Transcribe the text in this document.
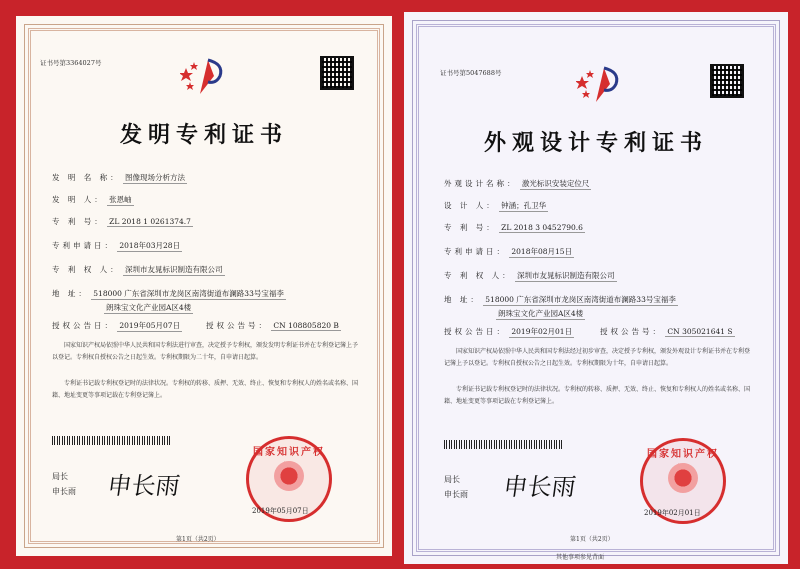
证书号第3364027号
发明专利证书
发 明 名 称： 图像现场分析方法
发 明 人： 张恩岫
专 利 号： ZL 2018 1 0261374.7
专利申请日： 2018年03月28日
专 利 权 人： 深圳市友晁标识制造有限公司
地 址： 518000 广东省深圳市龙岗区南湾街道布澜路33号宝福李
朗珠宝文化产业园A区4楼
授权公告日： 2019年05月07日	授权公告号： CN 108805820 B
国家知识产权局依照中华人民共和国专利法进行审查，决定授予专利权，颁发发明专利证书并在专利登记簿上予以登记。专利权自授权公告之日起生效。专利权期限为二十年，自申请日起算。
专利证书记载专利权登记时的法律状况。专利权的转移、质押、无效、终止、恢复和专利权人的姓名或名称、国籍、地址变更等事项记载在专利登记簿上。
局长
申长雨 申长雨
国家知识产权
2019年05月07日
第1页（共2页）
证书号第5047688号
外观设计专利证书
外观设计名称： 激光标识安装定位尺
设 计 人： 钟涵；孔卫华
专 利 号： ZL 2018 3 0452790.6
专利申请日： 2018年08月15日
专 利 权 人： 深圳市友晁标识制造有限公司
地 址： 518000 广东省深圳市龙岗区南湾街道布澜路33号宝福李
朗珠宝文化产业园A区4楼
授权公告日： 2019年02月01日	授权公告号： CN 305021641 S
国家知识产权局依照中华人民共和国专利法经过初步审查，决定授予专利权，颁发外观设计专利证书并在专利登记簿上予以登记。专利权自授权公告之日起生效。专利权期限为十年，自申请日起算。
专利证书记载专利权登记时的法律状况。专利权的转移、质押、无效、终止、恢复和专利权人的姓名或名称、国籍、地址变更等事项记载在专利登记簿上。
局长
申长雨 申长雨
国家知识产权
2019年02月01日
第1页（共2页）
其他事项参见背面
